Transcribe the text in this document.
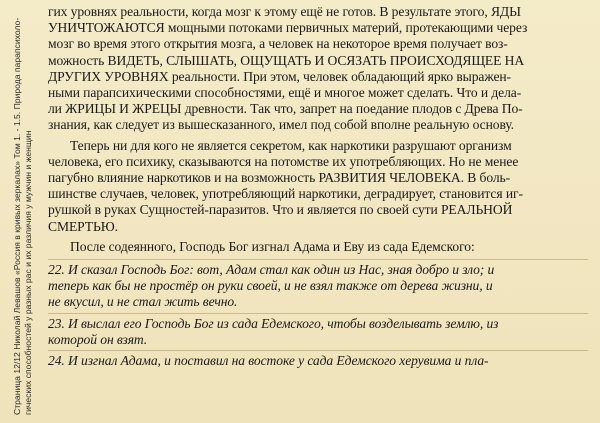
Страница 12/12 Николай Левашов «Россия в кривых зеркалах» Том 1. - 1.5. Природа парапсихоло- гических способностей у разных рас и их различия у мужчин и женщин

гих уровнях реальности, когда мозг к этому ещё не готов. В результате этого, ЯДЫ
УНИЧТОЖАЮТСЯ мощными потоками первичных материй, протекающими через
мозг во время этого открытия мозга, а человек на некоторое время получает воз-
можность ВИДЕТЬ, СЛЫШАТЬ, ОЩУЩАТЬ И ОСЯЗАТЬ ПРОИСХОДЯЩЕЕ НА
ДРУГИХ УРОВНЯХ реальности. При этом, человек обладающий ярко выражен-
ными парапсихическими способностями, ещё и многое может сделать. Что и дела-
ли ЖРИЦЫ И ЖРЕЦЫ древности. Так что, запрет на поедание плодов с Древа По-
знания, как следует из вышесказанного, имел под собой вполне реальную основу.

Теперь ни для кого не является секретом, как наркотики разрушают организм
человека, его психику, сказываются на потомстве их употребляющих. Но не менее
пагубно влияние наркотиков и на возможность РАЗВИТИЯ ЧЕЛОВЕКА. В боль-
шинстве случаев, человек, употребляющий наркотики, деградирует, становится иг-
рушкой в руках Сущностей-паразитов. Что и является по своей сути РЕАЛЬНОЙ
СМЕРТЬЮ.

После содеянного, Господь Бог изгнал Адама и Еву из сада Едемского:
22. И сказал Господь Бог: вот, Адам стал как один из Нас, зная добро и зло; и
теперь как бы не простёр он руки своей, и не взял также от дерева жизни, и
не вкусил, и не стал жить вечно.
23. И выслал его Господь Бог из сада Едемского, чтобы возделывать землю, из
которой он взят.
24. И изгнал Адама, и поставил на востоке у сада Едемского херувима и пла-
